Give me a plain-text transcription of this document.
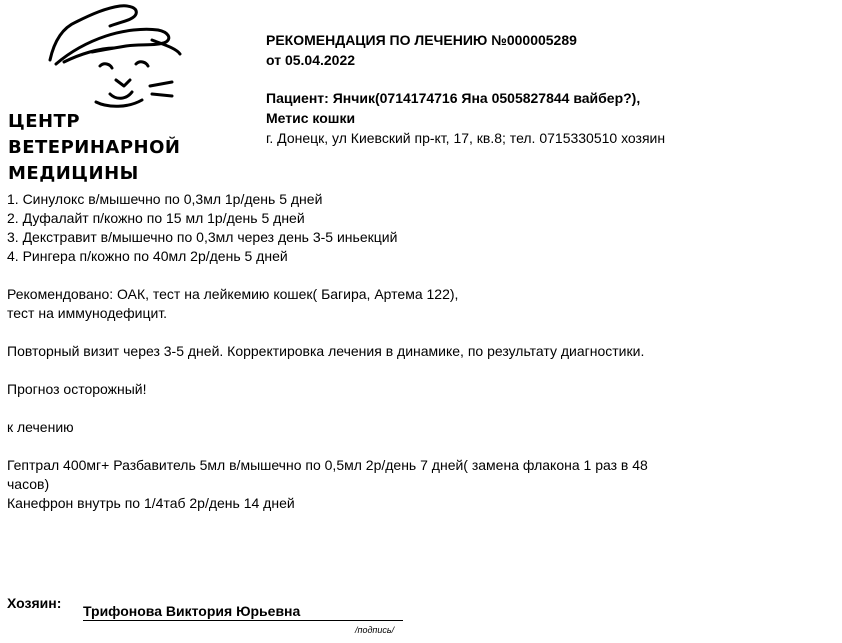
ЦЕНТР
ВЕТЕРИНАРНОЙ
МЕДИЦИНЫ
РЕКОМЕНДАЦИЯ ПО ЛЕЧЕНИЮ №000005289
от 05.04.2022
Пациент: Янчик(0714174716 Яна 0505827844 вайбер?),
Метис кошки
г. Донецк, ул Киевский пр-кт, 17, кв.8; тел. 0715330510 хозяин

1. Синулокс в/мышечно по 0,3мл 1р/день 5 дней

2. Дуфалайт п/кожно по 15 мл 1р/день 5 дней

3. Декстравит в/мышечно по 0,3мл через день 3-5 иньекций

4. Рингера п/кожно по 40мл 2р/день 5 дней

Рекомендовано: ОАК, тест на лейкемию кошек( Багира, Артема 122),

тест на иммунодефицит.

Повторный визит через 3-5 дней. Корректировка лечения в динамике, по результату диагностики.

Прогноз осторожный!

к лечению

Гептрал 400мг+ Разбавитель 5мл в/мышечно по 0,5мл 2р/день 7 дней( замена флакона 1 раз в 48

часов)

Канефрон внутрь по 1/4таб 2р/день 14 дней

Хозяин: Трифонова Виктория Юрьевна
/подпись/
